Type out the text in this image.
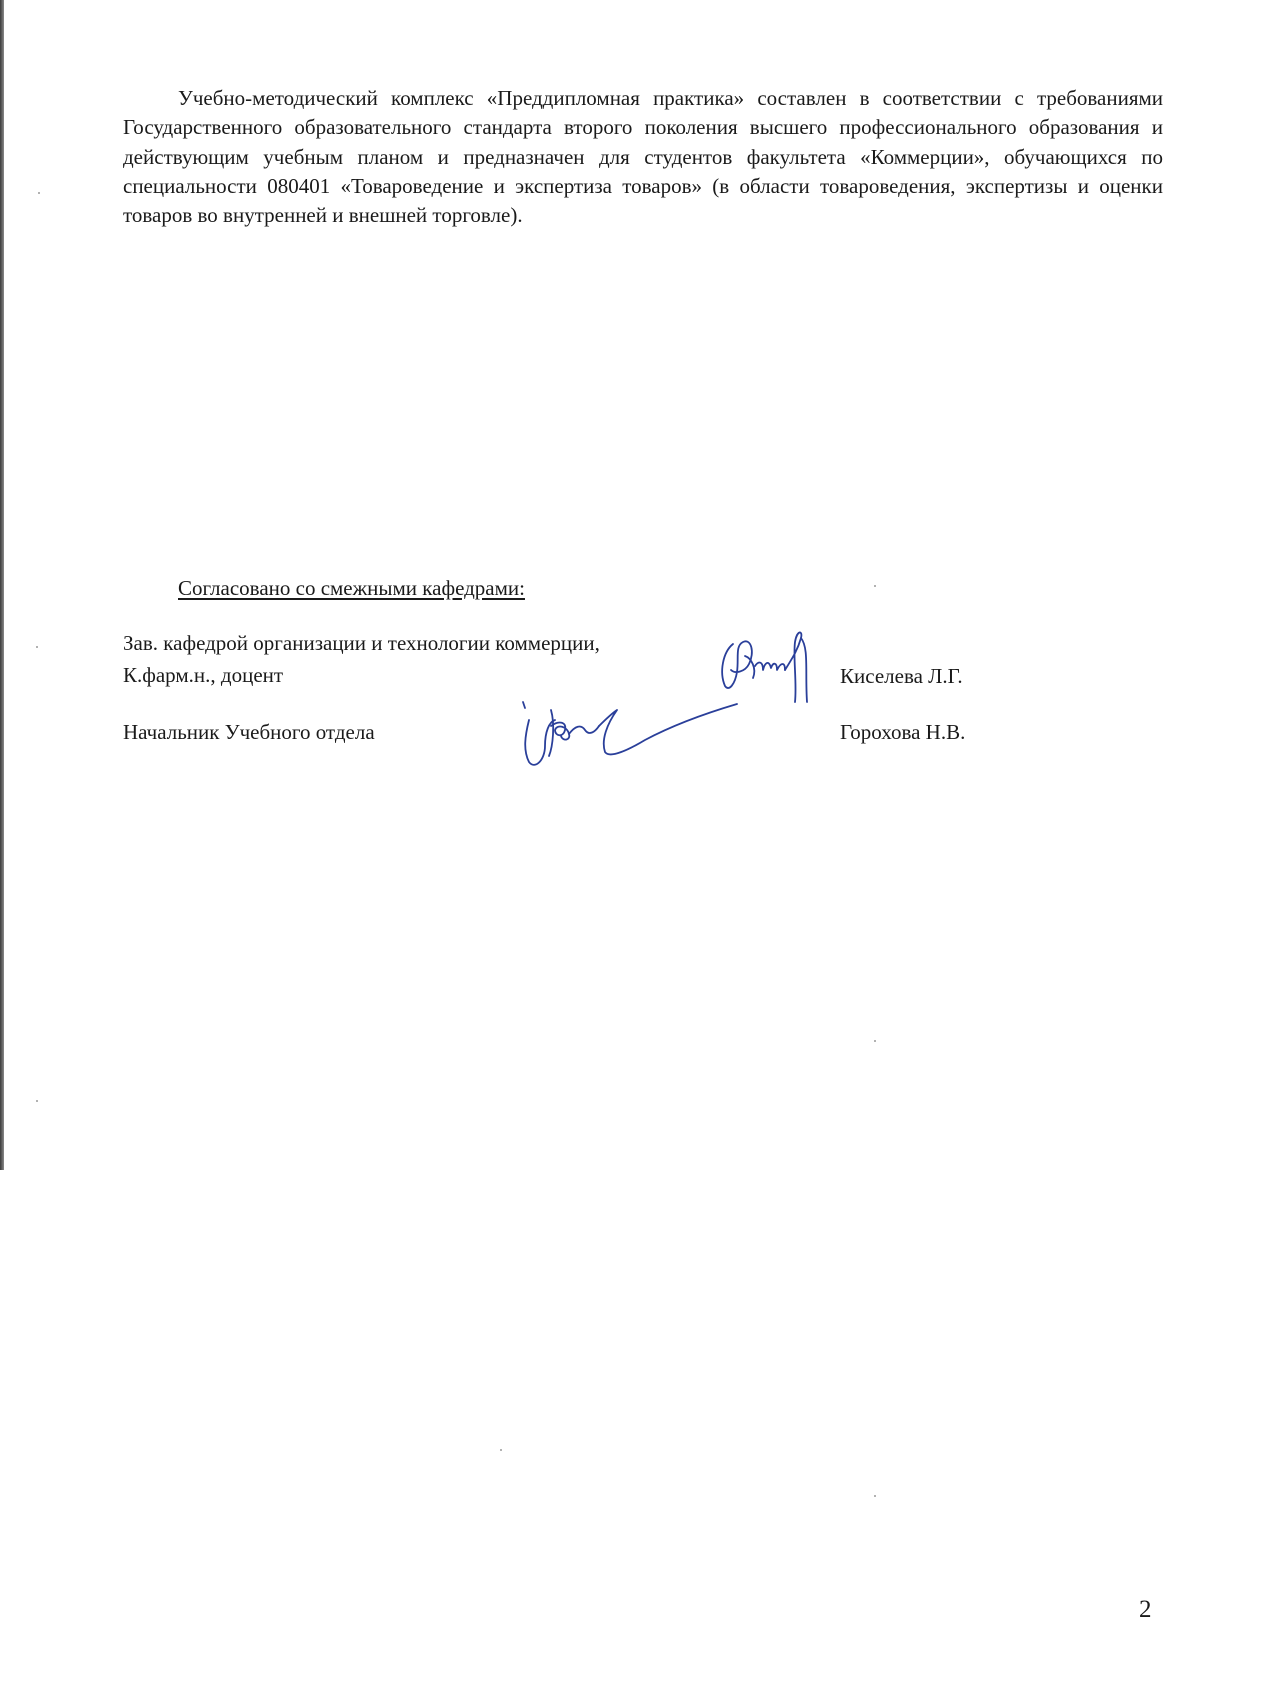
Учебно-методический комплекс «Преддипломная практика» составлен в соответствии с требованиями Государственного образовательного стандарта второго поколения высшего профессионального образования и действующим учебным планом и предназначен для студентов факультета «Коммерции», обучающихся по специальности 080401 «Товароведение и экспертиза товаров» (в области товароведения, экспертизы и оценки товаров во внутренней и внешней торговле).

Согласовано со смежными кафедрами:
Зав. кафедрой организации и технологии коммерции,
К.фарм.н., доцент	Киселева Л.Г.
Начальник Учебного отдела	Горохова Н.В.
2
